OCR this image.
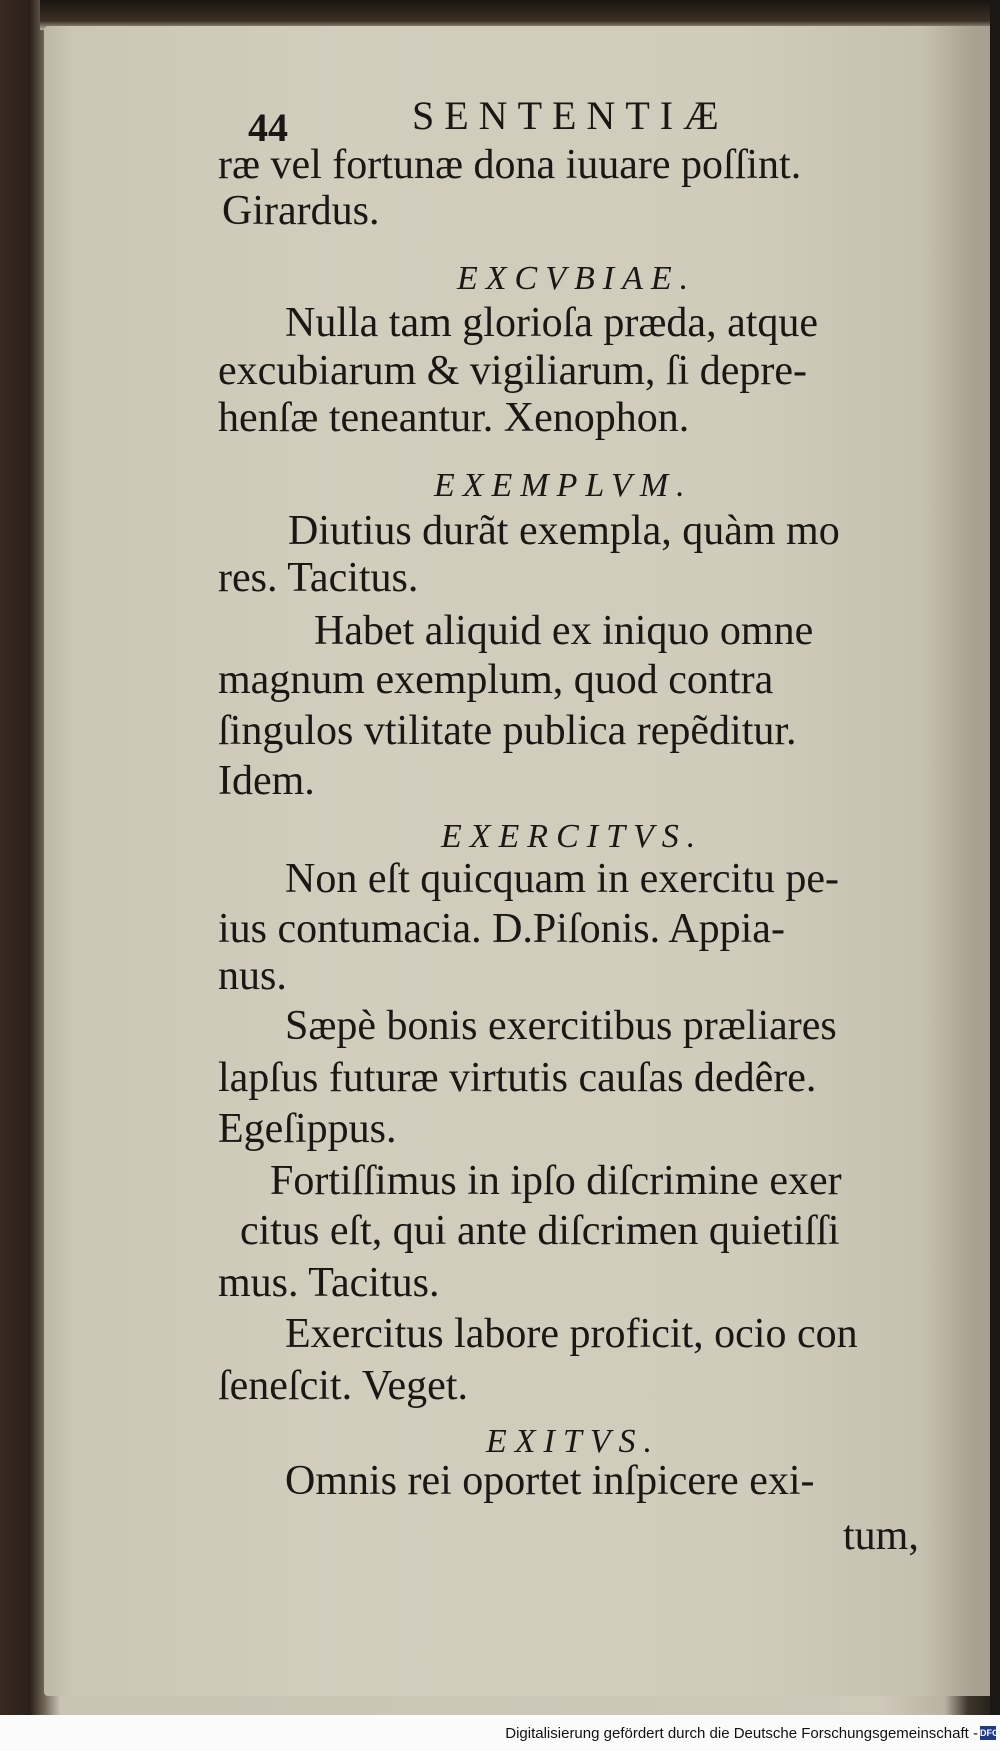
44	SENTENTIÆ
ræ vel fortunæ dona iuuare poſſint.
Girardus.
EXCVBIAE.
Nulla tam glorioſa præda, atque
excubiarum & vigiliarum, ſi depre-
henſæ teneantur. Xenophon.
EXEMPLVM.
Diutius durãt exempla, quàm mo
res. Tacitus.
Habet aliquid ex iniquo omne
magnum exemplum, quod contra
ſingulos vtilitate publica repẽditur.
Idem.
EXERCITVS.
Non eſt quicquam in exercitu pe-
ius contumacia. D.Piſonis. Appia-
nus.
Sæpè bonis exercitibus præliares
lapſus futuræ virtutis cauſas dedêre.
Egeſippus.
Fortiſſimus in ipſo diſcrimine exer
citus eſt, qui ante diſcrimen quietiſſi
mus. Tacitus.
Exercitus labore proficit, ocio con
ſeneſcit. Veget.
EXITVS.
Omnis rei oportet inſpicere exi-
tum,
Digitalisierung gefördert durch die Deutsche Forschungsgemeinschaft - DFG
